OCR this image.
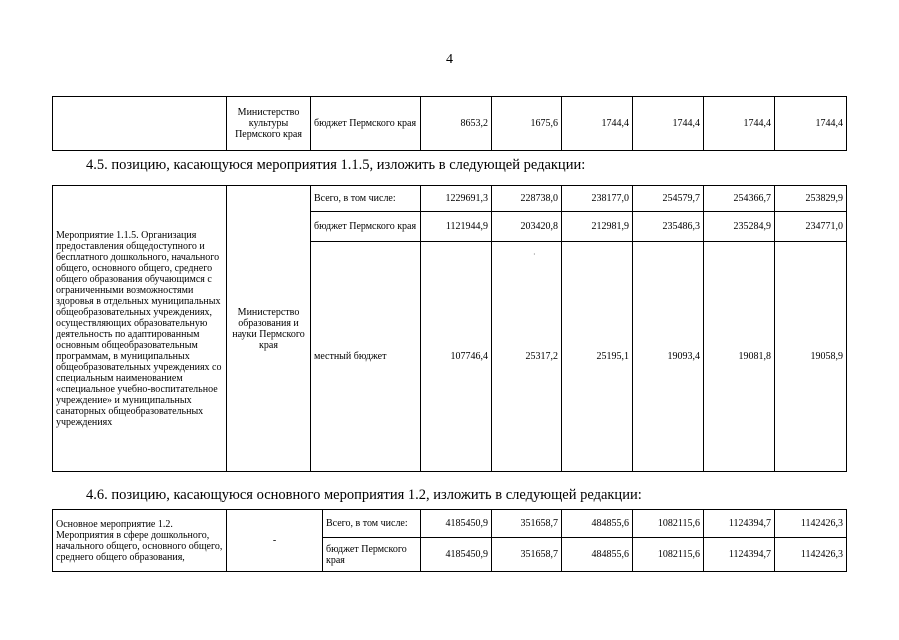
4
	Министерство культуры Пермского края	бюджет Пермского края	8653,2	1675,6	1744,4	1744,4	1744,4	1744,4
4.5. позицию, касающуюся мероприятия 1.1.5, изложить в следующей редакции:
Мероприятие 1.1.5. Организация предоставления общедоступного и бесплатного дошкольного, начального общего, основного общего, среднего общего образования обучающимся с ограниченными возможностями здоровья в отдельных муниципальных общеобразовательных учреждениях, осуществляющих образовательную деятельность по адаптированным основным общеобразовательным программам, в муниципальных общеобразовательных учреждениях со специальным наименованием «специальное учебно-воспитательное учреждение» и муниципальных санаторных общеобразовательных учреждениях	Министерство образования и науки Пермского края	Всего, в том числе:	1229691,3	228738,0	238177,0	254579,7	254366,7	253829,9
		бюджет Пермского края	1121944,9	203420,8	212981,9	235486,3	235284,9	234771,0
		местный бюджет	107746,4	25317,2	25195,1	19093,4	19081,8	19058,9
·
4.6. позицию, касающуюся основного мероприятия 1.2, изложить в следующей редакции:
Основное мероприятие 1.2. Мероприятия в сфере дошкольного, начального общего, основного общего, среднего общего образования,	-	Всего, в том числе:	4185450,9	351658,7	484855,6	1082115,6	1124394,7	1142426,3
		бюджет Пермского края	4185450,9	351658,7	484855,6	1082115,6	1124394,7	1142426,3
